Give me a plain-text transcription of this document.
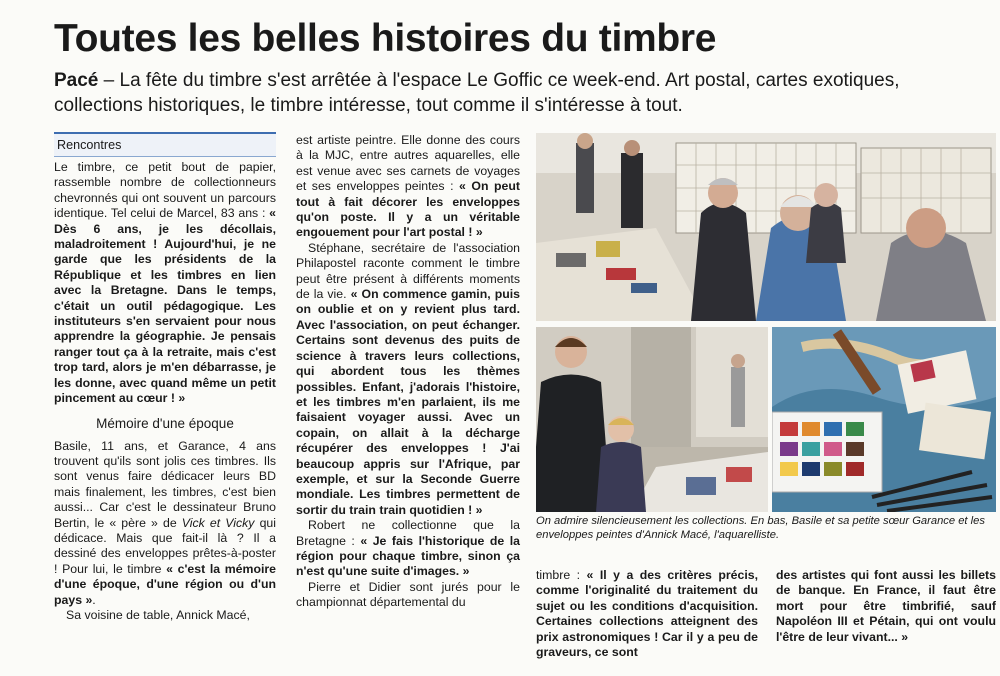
Toutes les belles histoires du timbre
Pacé – La fête du timbre s'est arrêtée à l'espace Le Goffic ce week-end. Art postal, cartes exotiques, collections historiques, le timbre intéresse, tout comme il s'intéresse à tout.
Rencontres

Le timbre, ce petit bout de papier, rassemble nombre de collectionneurs chevronnés qui ont souvent un parcours identique. Tel celui de Marcel, 83 ans : « Dès 6 ans, je les décollais, maladroitement ! Aujourd'hui, je ne garde que les présidents de la République et les timbres en lien avec la Bretagne. Dans le temps, c'était un outil pédagogique. Les instituteurs s'en servaient pour nous apprendre la géographie. Je pensais ranger tout ça à la retraite, mais c'est trop tard, alors je m'en débarrasse, je les donne, avec quand même un petit pincement au cœur ! »

Mémoire d'une époque

Basile, 11 ans, et Garance, 4 ans trouvent qu'ils sont jolis ces timbres. Ils sont venus faire dédicacer leurs BD mais finalement, les timbres, c'est bien aussi... Car c'est le dessinateur Bruno Bertin, le « père » de Vick et Vicky qui dédicace. Mais que fait-il là ? Il a dessiné des enveloppes prêtes-à-poster ! Pour lui, le timbre « c'est la mémoire d'une époque, d'une région ou d'un pays ».

Sa voisine de table, Annick Macé,

est artiste peintre. Elle donne des cours à la MJC, entre autres aquarelles, elle est venue avec ses carnets de voyages et ses enveloppes peintes : « On peut tout à fait décorer les enveloppes qu'on poste. Il y a un véritable engouement pour l'art postal ! »

Stéphane, secrétaire de l'association Philapostel raconte comment le timbre peut être présent à différents moments de la vie. « On commence gamin, puis on oublie et on y revient plus tard. Avec l'association, on peut échanger. Certains sont devenus des puits de science à travers leurs collections, qui abordent tous les thèmes possibles. Enfant, j'adorais l'histoire, et les timbres m'en parlaient, ils me faisaient voyager aussi. Avec un copain, on allait à la décharge récupérer des enveloppes ! J'ai beaucoup appris sur l'Afrique, par exemple, et sur la Seconde Guerre mondiale. Les timbres permettent de sortir du train train quotidien ! »

Robert ne collectionne que la Bretagne : « Je fais l'historique de la région pour chaque timbre, sinon ça n'est qu'une suite d'images. »

Pierre et Didier sont jurés pour le championnat départemental du

timbre : « Il y a des critères précis, comme l'originalité du traitement du sujet ou les conditions d'acquisition. Certaines collections atteignent des prix astronomiques ! Car il y a peu de graveurs, ce sont

des artistes qui font aussi les billets de banque. En France, il faut être mort pour être timbrifié, sauf Napoléon III et Pétain, qui ont voulu l'être de leur vivant... »

On admire silencieusement les collections. En bas, Basile et sa petite sœur Garance et les enveloppes peintes d'Annick Macé, l'aquarelliste.
